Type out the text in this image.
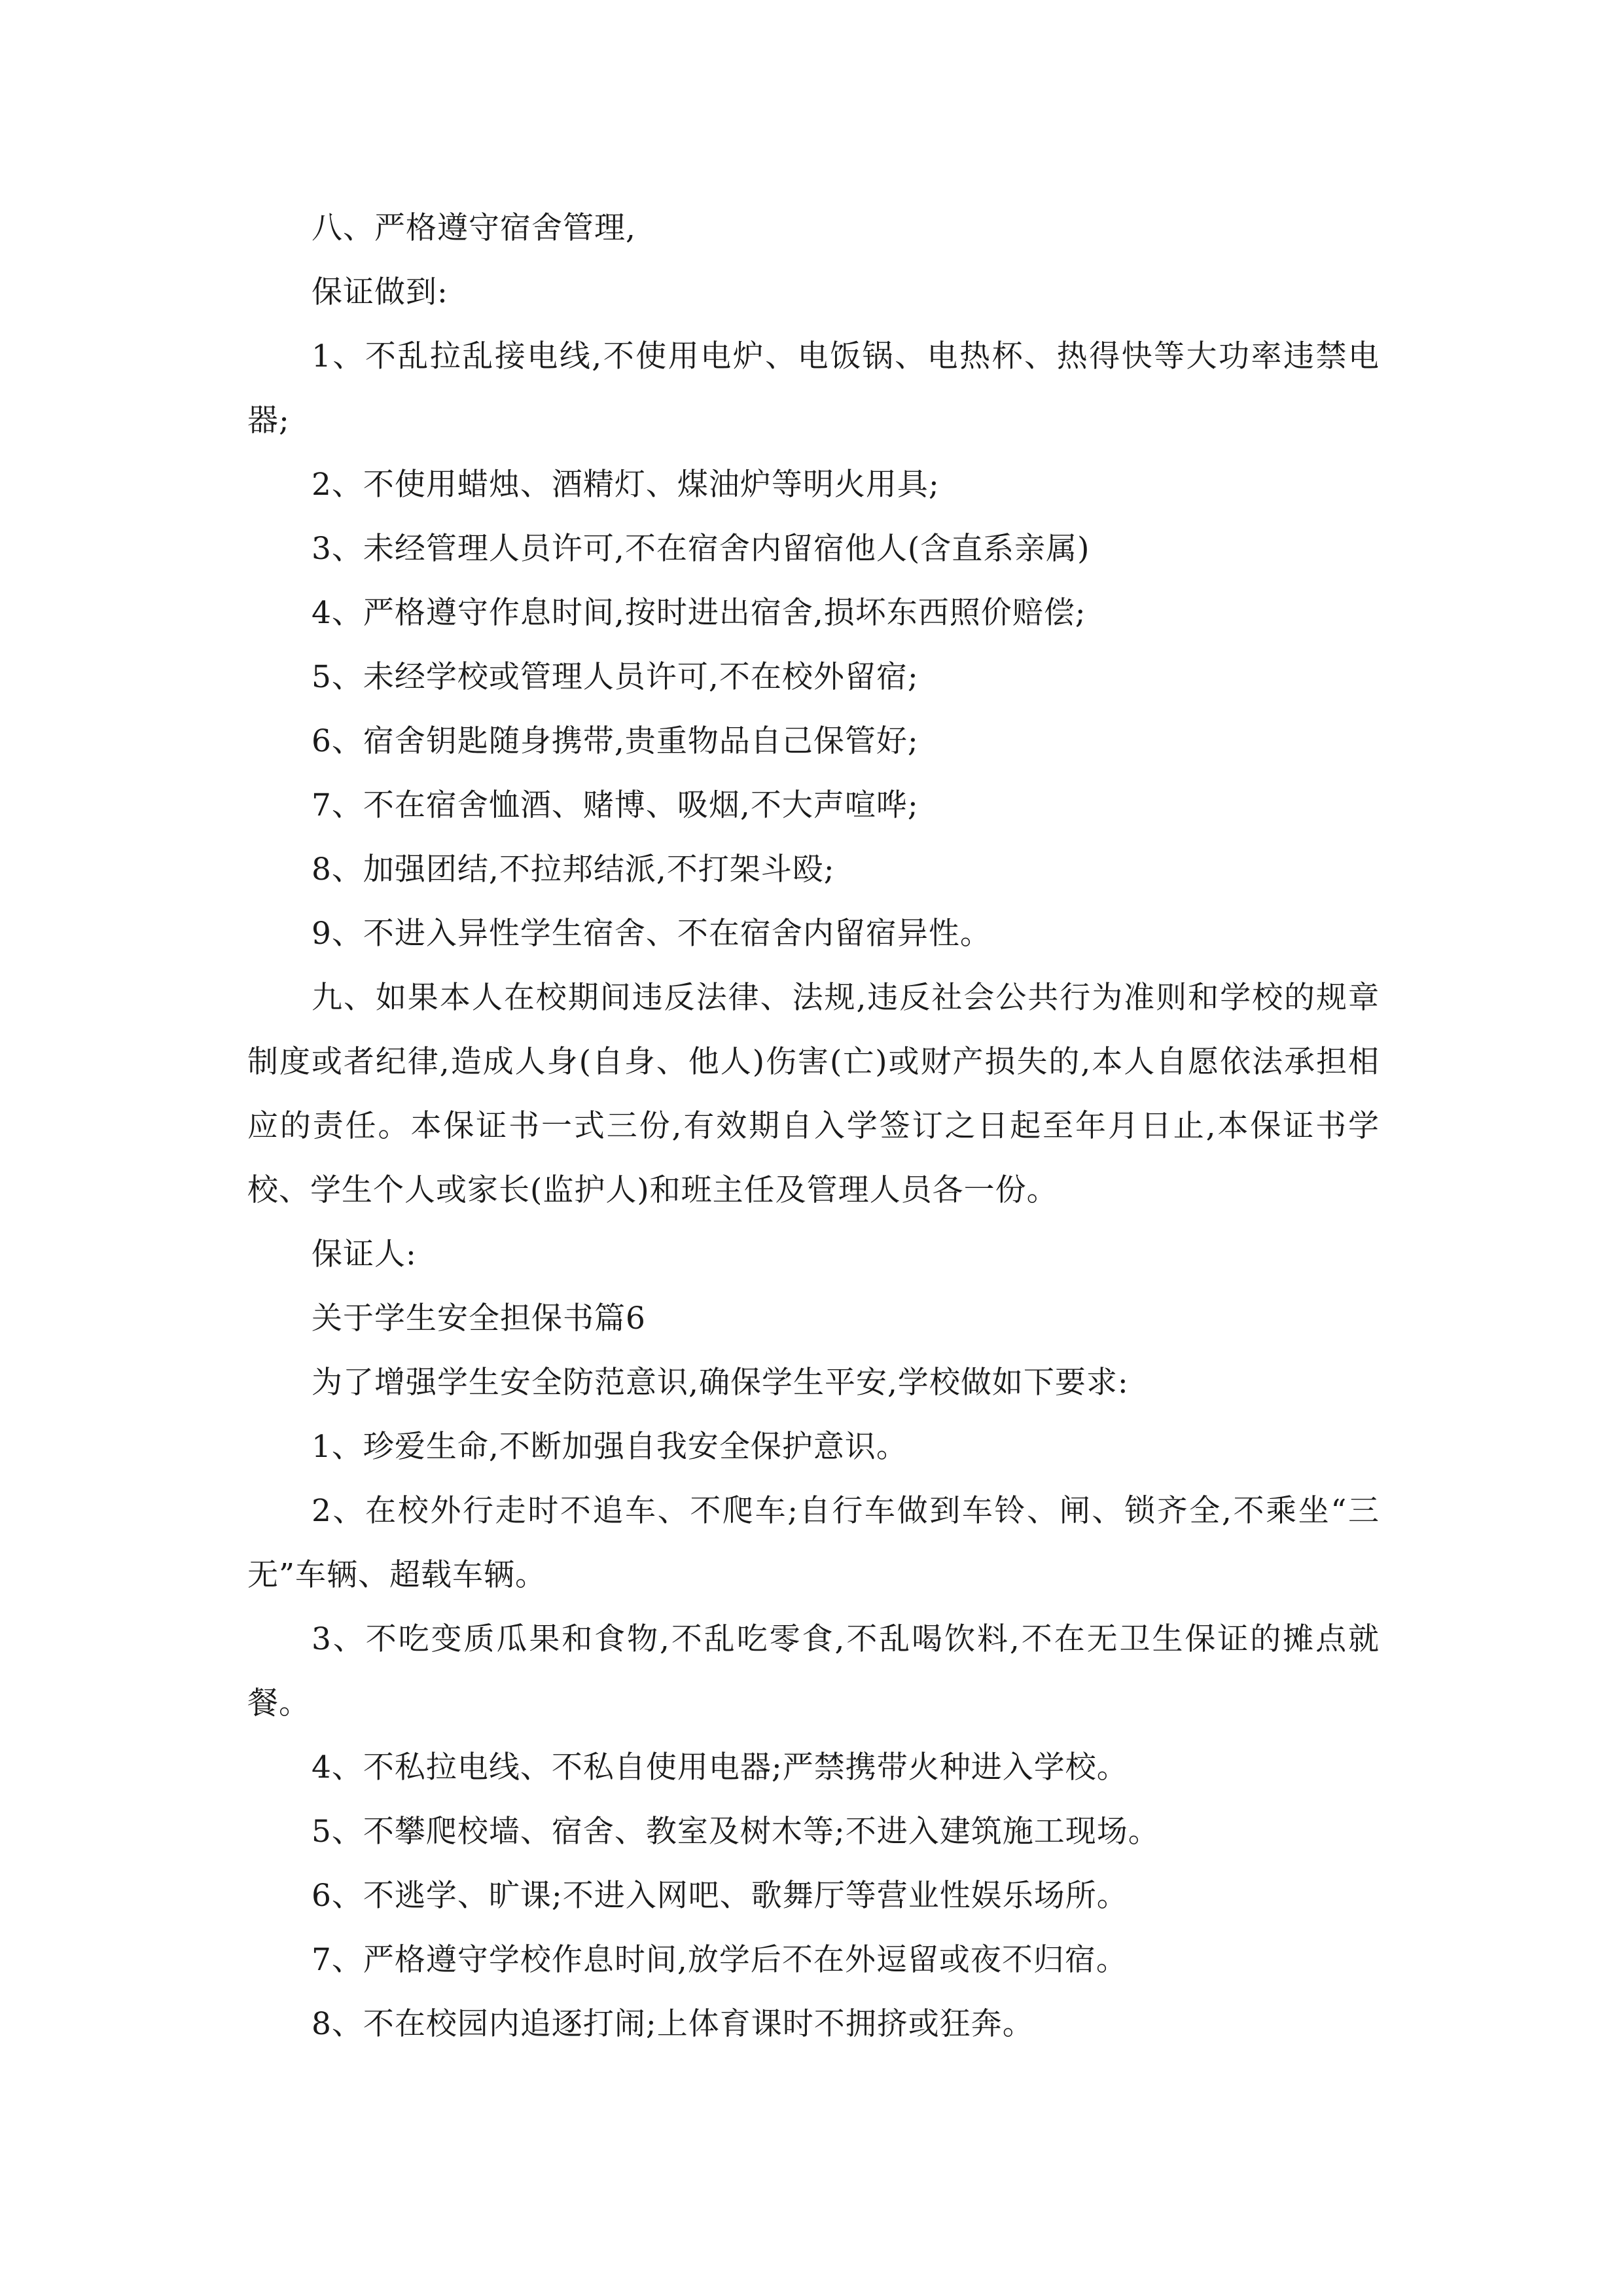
八、严格遵守宿舍管理,

保证做到:

1、不乱拉乱接电线,不使用电炉、电饭锅、电热杯、热得快等大功率违禁电器;

2、不使用蜡烛、酒精灯、煤油炉等明火用具;

3、未经管理人员许可,不在宿舍内留宿他人(含直系亲属)

4、严格遵守作息时间,按时进出宿舍,损坏东西照价赔偿;

5、未经学校或管理人员许可,不在校外留宿;

6、宿舍钥匙随身携带,贵重物品自己保管好;

7、不在宿舍恤酒、赌博、吸烟,不大声喧哗;

8、加强团结,不拉邦结派,不打架斗殴;

9、不进入异性学生宿舍、不在宿舍内留宿异性。

九、如果本人在校期间违反法律、法规,违反社会公共行为准则和学校的规章制度或者纪律,造成人身(自身、他人)伤害(亡)或财产损失的,本人自愿依法承担相应的责任。本保证书一式三份,有效期自入学签订之日起至年月日止,本保证书学校、学生个人或家长(监护人)和班主任及管理人员各一份。

保证人:

关于学生安全担保书篇6

为了增强学生安全防范意识,确保学生平安,学校做如下要求:

1、珍爱生命,不断加强自我安全保护意识。

2、在校外行走时不追车、不爬车;自行车做到车铃、闸、锁齐全,不乘坐“三无”车辆、超载车辆。

3、不吃变质瓜果和食物,不乱吃零食,不乱喝饮料,不在无卫生保证的摊点就餐。

4、不私拉电线、不私自使用电器;严禁携带火种进入学校。

5、不攀爬校墙、宿舍、教室及树木等;不进入建筑施工现场。

6、不逃学、旷课;不进入网吧、歌舞厅等营业性娱乐场所。

7、严格遵守学校作息时间,放学后不在外逗留或夜不归宿。

8、不在校园内追逐打闹;上体育课时不拥挤或狂奔。
